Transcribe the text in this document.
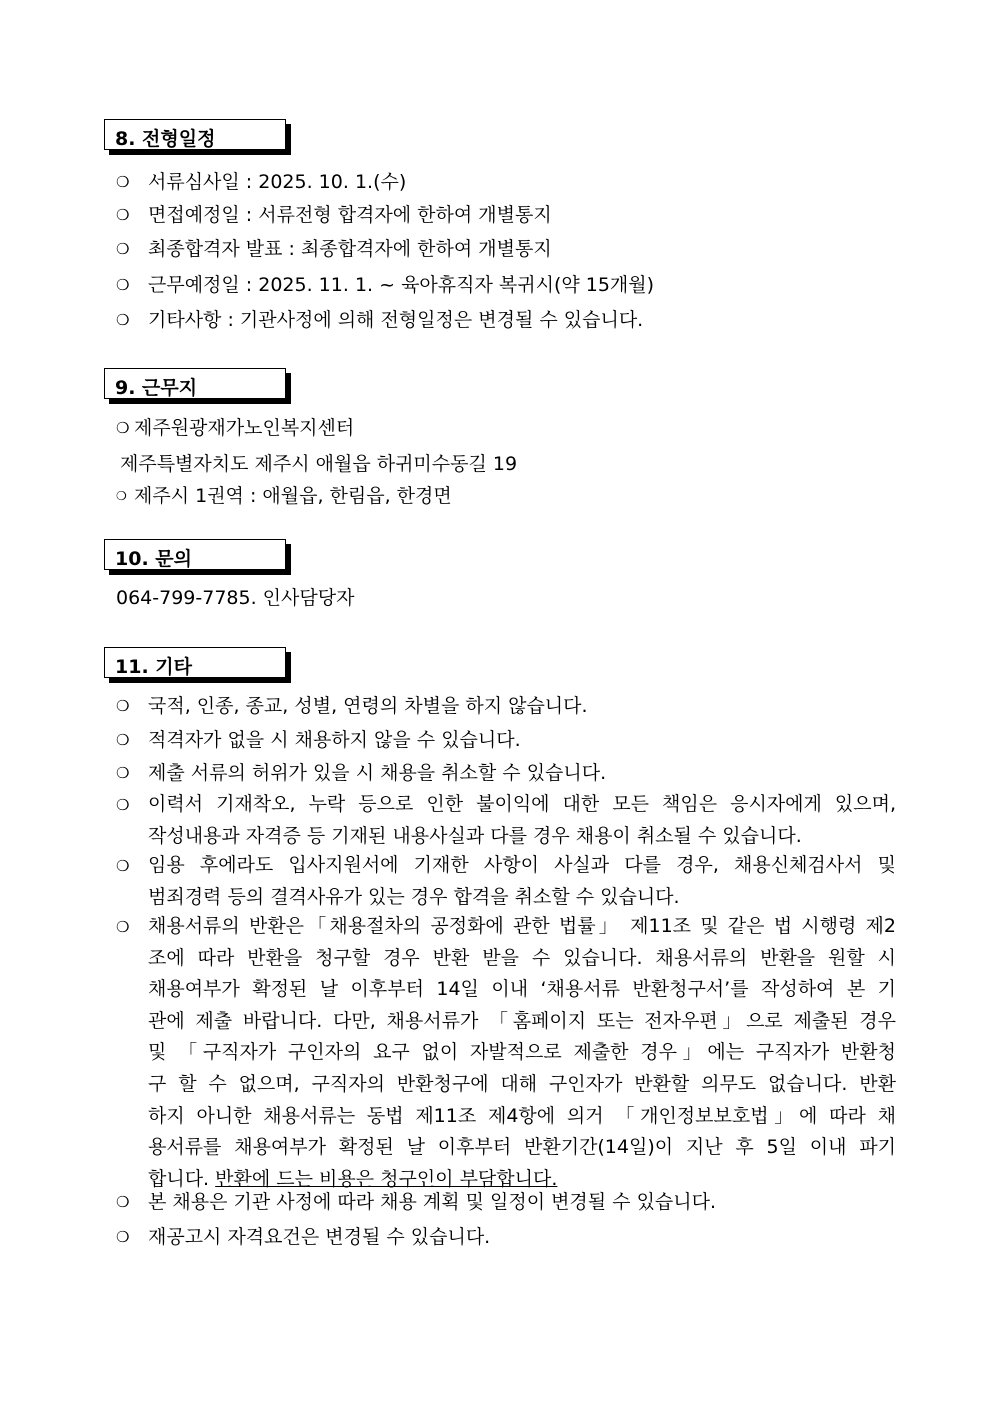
8. 전형일정
❍ 서류심사일 : 2025. 10. 1.(수)
❍ 면접예정일 : 서류전형 합격자에 한하여 개별통지
❍ 최종합격자 발표 : 최종합격자에 한하여 개별통지
❍ 근무예정일 : 2025. 11. 1. ~ 육아휴직자 복귀시(약 15개월)
❍ 기타사항 : 기관사정에 의해 전형일정은 변경될 수 있습니다.
9. 근무지
❍ 제주원광재가노인복지센터
제주특별자치도 제주시 애월읍 하귀미수동길 19
❍ 제주시 1권역 : 애월읍, 한림읍, 한경면
10. 문의
064-799-7785. 인사담당자
11. 기타
❍ 국적, 인종, 종교, 성별, 연령의 차별을 하지 않습니다.
❍ 적격자가 없을 시 채용하지 않을 수 있습니다.
❍ 제출 서류의 허위가 있을 시 채용을 취소할 수 있습니다.
❍ 이력서 기재착오, 누락 등으로 인한 불이익에 대한 모든 책임은 응시자에게 있으며,
작성내용과 자격증 등 기재된 내용사실과 다를 경우 채용이 취소될 수 있습니다.
❍ 임용 후에라도 입사지원서에 기재한 사항이 사실과 다를 경우, 채용신체검사서 및
범죄경력 등의 결격사유가 있는 경우 합격을 취소할 수 있습니다.
❍ 채용서류의 반환은「채용절차의 공정화에 관한 법률」 제11조 및 같은 법 시행령 제2
조에 따라 반환을 청구할 경우 반환 받을 수 있습니다. 채용서류의 반환을 원할 시
채용여부가 확정된 날 이후부터 14일 이내 ‘채용서류 반환청구서’를 작성하여 본 기
관에 제출 바랍니다. 다만, 채용서류가 「홈페이지 또는 전자우편」으로 제출된 경우
및 「구직자가 구인자의 요구 없이 자발적으로 제출한 경우」에는 구직자가 반환청
구 할 수 없으며, 구직자의 반환청구에 대해 구인자가 반환할 의무도 없습니다. 반환
하지 아니한 채용서류는 동법 제11조 제4항에 의거 「개인정보보호법」에 따라 채
용서류를 채용여부가 확정된 날 이후부터 반환기간(14일)이 지난 후 5일 이내 파기
합니다. 반환에 드는 비용은 청구인이 부담합니다.
❍ 본 채용은 기관 사정에 따라 채용 계획 및 일정이 변경될 수 있습니다.
❍ 재공고시 자격요건은 변경될 수 있습니다.
